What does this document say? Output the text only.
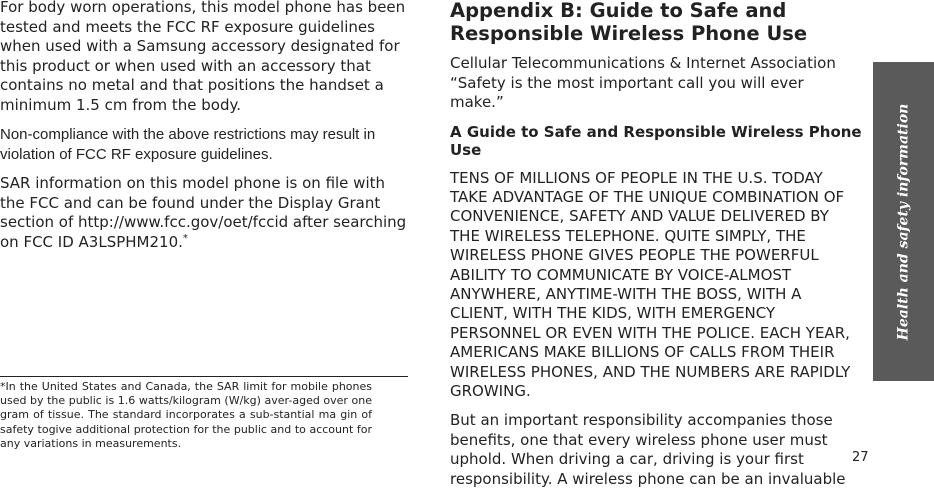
For body worn operations, this model phone has been tested and meets the FCC RF exposure guidelines when used with a Samsung accessory designated for this product or when used with an accessory that contains no metal and that positions the handset a minimum 1.5 cm from the body.

Non-compliance with the above restrictions may result in violation of FCC RF exposure guidelines.

SAR information on this model phone is on file with the FCC and can be found under the Display Grant section of http://www.fcc.gov/oet/fccid after searching on FCC ID A3LSPHM210.*

*In the United States and Canada, the SAR limit for mobile phones used by the public is 1.6 watts/kilogram (W/kg) aver-aged over one gram of tissue. The standard incorporates a sub-stantial ma gin of safety togive additional protection for the public and to account for any variations in measurements.
Appendix B: Guide to Safe and Responsible Wireless Phone Use

Cellular Telecommunications & Internet Association “Safety is the most important call you will ever make.”

A Guide to Safe and Responsible Wireless Phone Use

TENS OF MILLIONS OF PEOPLE IN THE U.S. TODAY TAKE ADVANTAGE OF THE UNIQUE COMBINATION OF CONVENIENCE, SAFETY AND VALUE DELIVERED BY THE WIRELESS TELEPHONE. QUITE SIMPLY, THE WIRELESS PHONE GIVES PEOPLE THE POWERFUL ABILITY TO COMMUNICATE BY VOICE-ALMOST ANYWHERE, ANYTIME-WITH THE BOSS, WITH A CLIENT, WITH THE KIDS, WITH EMERGENCY PERSONNEL OR EVEN WITH THE POLICE. EACH YEAR, AMERICANS MAKE BILLIONS OF CALLS FROM THEIR WIRELESS PHONES, AND THE NUMBERS ARE RAPIDLY GROWING.

But an important responsibility accompanies those benefits, one that every wireless phone user must uphold. When driving a car, driving is your first responsibility. A wireless phone can be an invaluable

Health and safety information
27
